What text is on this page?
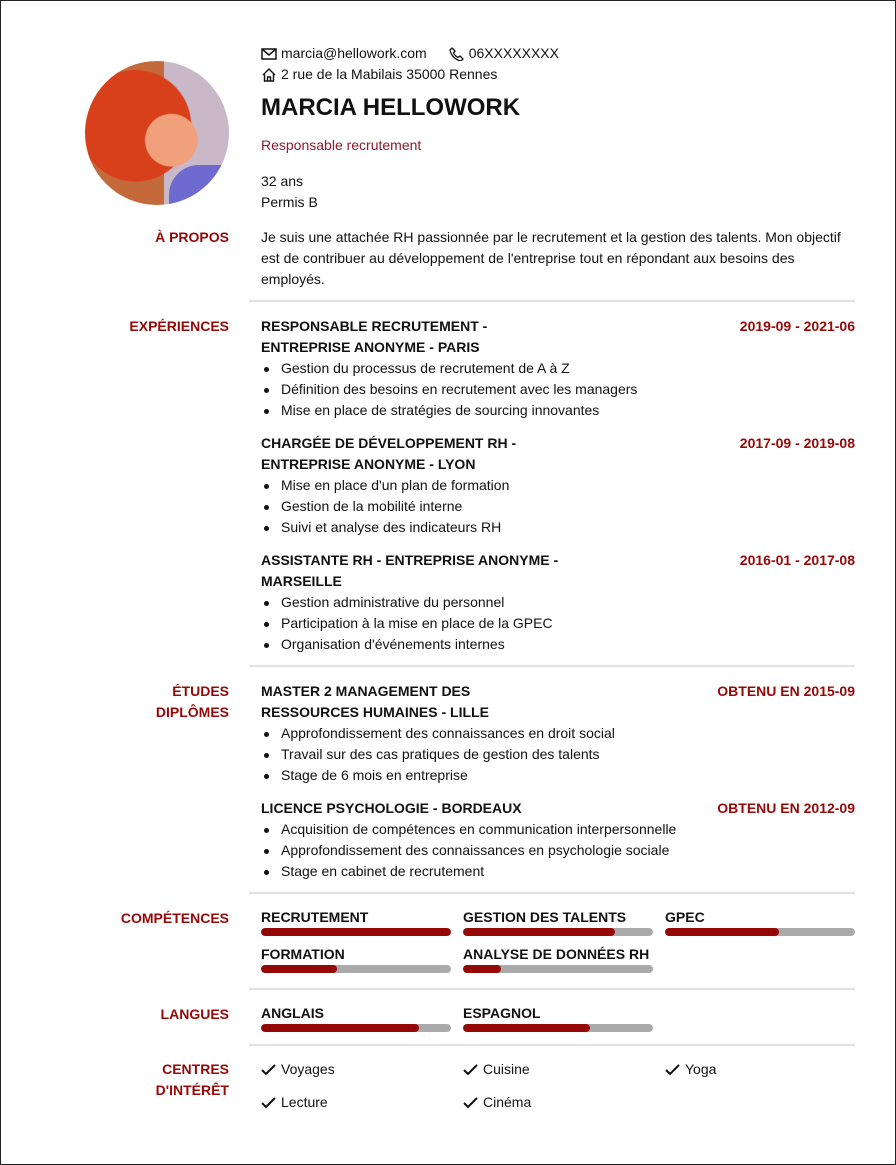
marcia@hellowork.com	06XXXXXXXX
2 rue de la Mabilais 35000 Rennes
MARCIA HELLOWORK
Responsable recrutement
32 ans
Permis B
À PROPOS Je suis une attachée RH passionnée par le recrutement et la gestion des talents. Mon objectif est de contribuer au développement de l'entreprise tout en répondant aux besoins des employés.
EXPÉRIENCES RESPONSABLE RECRUTEMENT - ENTREPRISE ANONYME - PARIS
2019-09 - 2021-06
Gestion du processus de recrutement de A à Z
Définition des besoins en recrutement avec les managers
Mise en place de stratégies de sourcing innovantes
CHARGÉE DE DÉVELOPPEMENT RH - ENTREPRISE ANONYME - LYON
2017-09 - 2019-08
Mise en place d'un plan de formation
Gestion de la mobilité interne
Suivi et analyse des indicateurs RH
ASSISTANTE RH - ENTREPRISE ANONYME - MARSEILLE
2016-01 - 2017-08
Gestion administrative du personnel
Participation à la mise en place de la GPEC
Organisation d'événements internes
ÉTUDES DIPLÔMES
MASTER 2 MANAGEMENT DES RESSOURCES HUMAINES - LILLE
OBTENU EN 2015-09
Approfondissement des connaissances en droit social
Travail sur des cas pratiques de gestion des talents
Stage de 6 mois en entreprise
LICENCE PSYCHOLOGIE - BORDEAUX	OBTENU EN 2012-09
Acquisition de compétences en communication interpersonnelle
Approfondissement des connaissances en psychologie sociale
Stage en cabinet de recrutement
COMPÉTENCES RECRUTEMENT	GESTION DES TALENTS	GPEC
FORMATION	ANALYSE DE DONNÉES RH
LANGUES ANGLAIS	ESPAGNOL
CENTRES D'INTÉRÊT
Voyages	Cuisine	Yoga
Lecture	Cinéma
